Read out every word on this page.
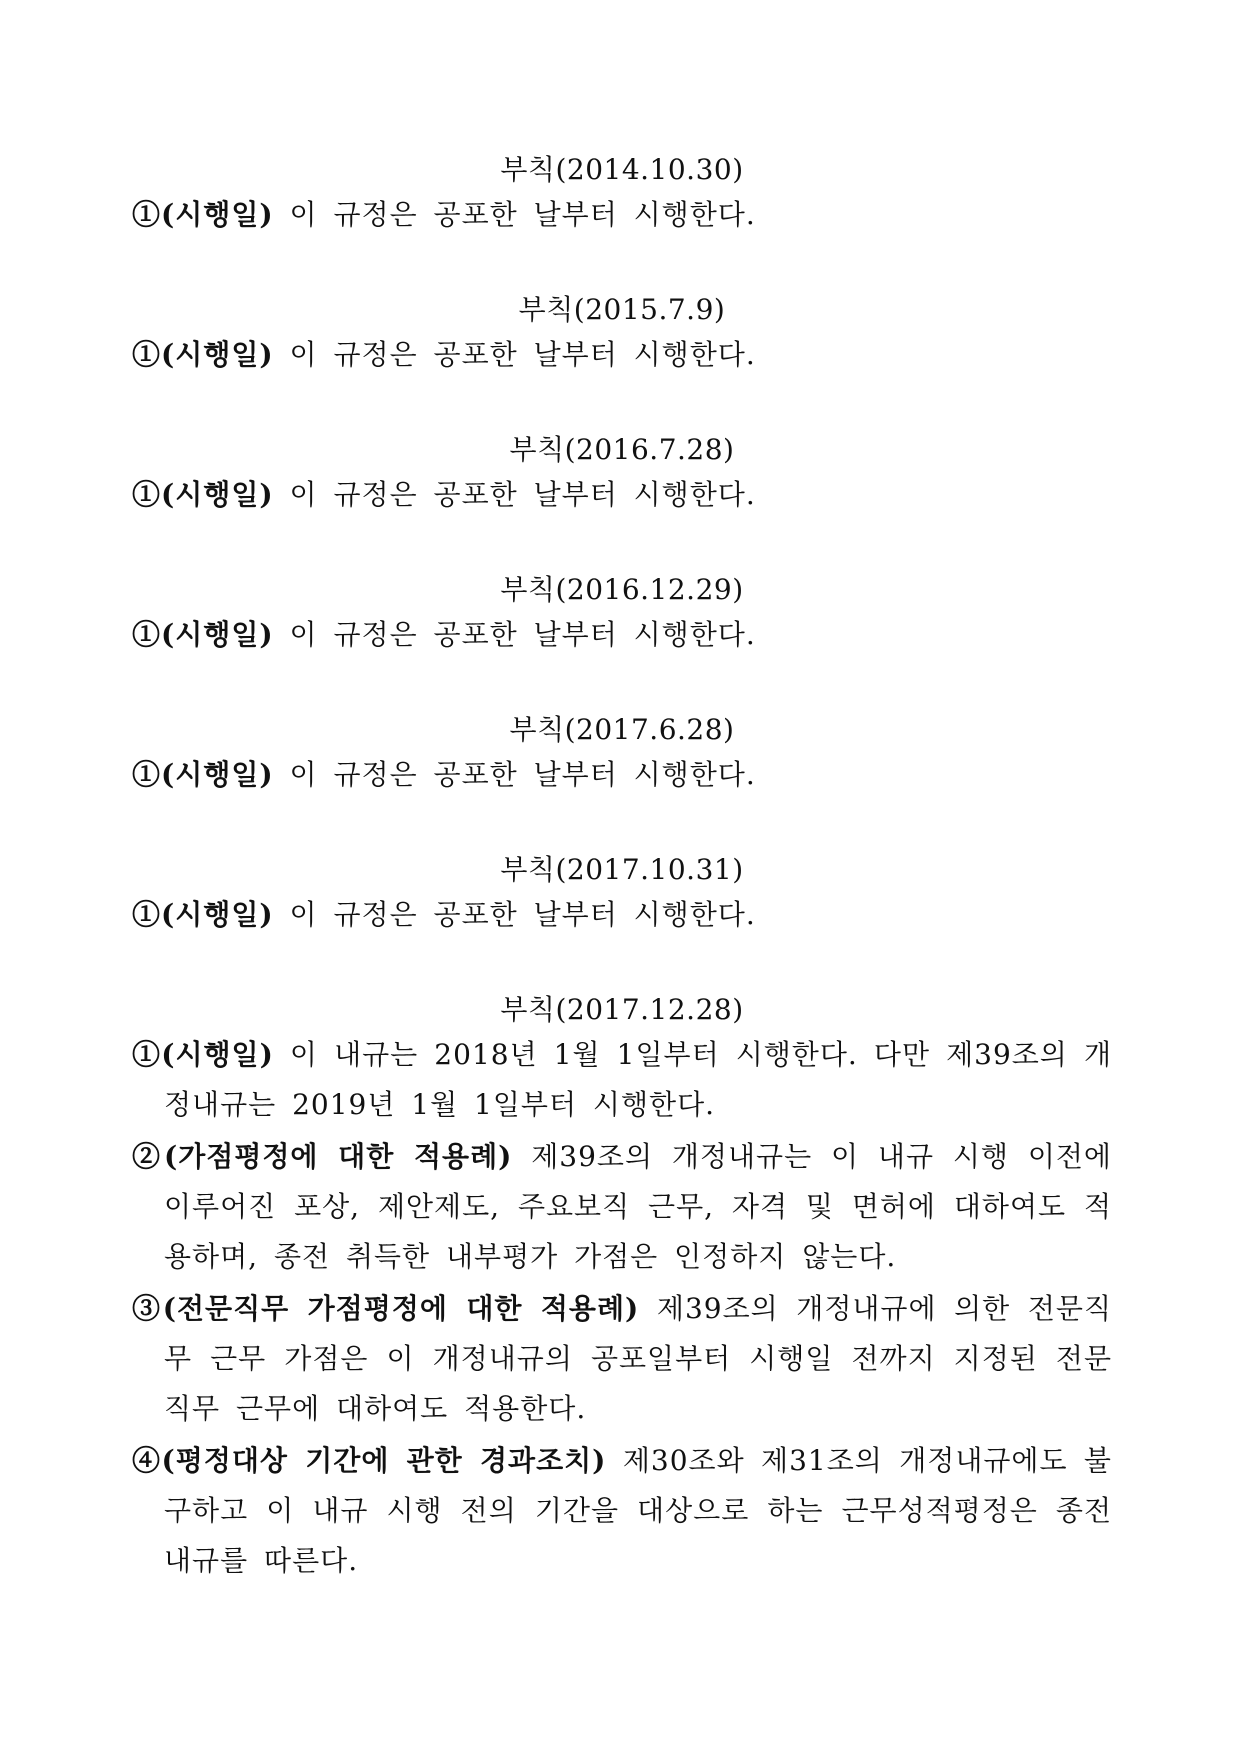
부칙(2014.10.30)
①(시행일) 이 규정은 공포한 날부터 시행한다.
부칙(2015.7.9)
①(시행일) 이 규정은 공포한 날부터 시행한다.
부칙(2016.7.28)
①(시행일) 이 규정은 공포한 날부터 시행한다.
부칙(2016.12.29)
①(시행일) 이 규정은 공포한 날부터 시행한다.
부칙(2017.6.28)
①(시행일) 이 규정은 공포한 날부터 시행한다.
부칙(2017.10.31)
①(시행일) 이 규정은 공포한 날부터 시행한다.
부칙(2017.12.28)
①(시행일) 이 내규는 2018년 1월 1일부터 시행한다. 다만 제39조의 개정내규는 2019년 1월 1일부터 시행한다.
②(가점평정에 대한 적용례) 제39조의 개정내규는 이 내규 시행 이전에 이루어진 포상, 제안제도, 주요보직 근무, 자격 및 면허에 대하여도 적용하며, 종전 취득한 내부평가 가점은 인정하지 않는다.
③(전문직무 가점평정에 대한 적용례) 제39조의 개정내규에 의한 전문직무 근무 가점은 이 개정내규의 공포일부터 시행일 전까지 지정된 전문직무 근무에 대하여도 적용한다.
④(평정대상 기간에 관한 경과조치) 제30조와 제31조의 개정내규에도 불구하고 이 내규 시행 전의 기간을 대상으로 하는 근무성적평정은 종전 내규를 따른다.
